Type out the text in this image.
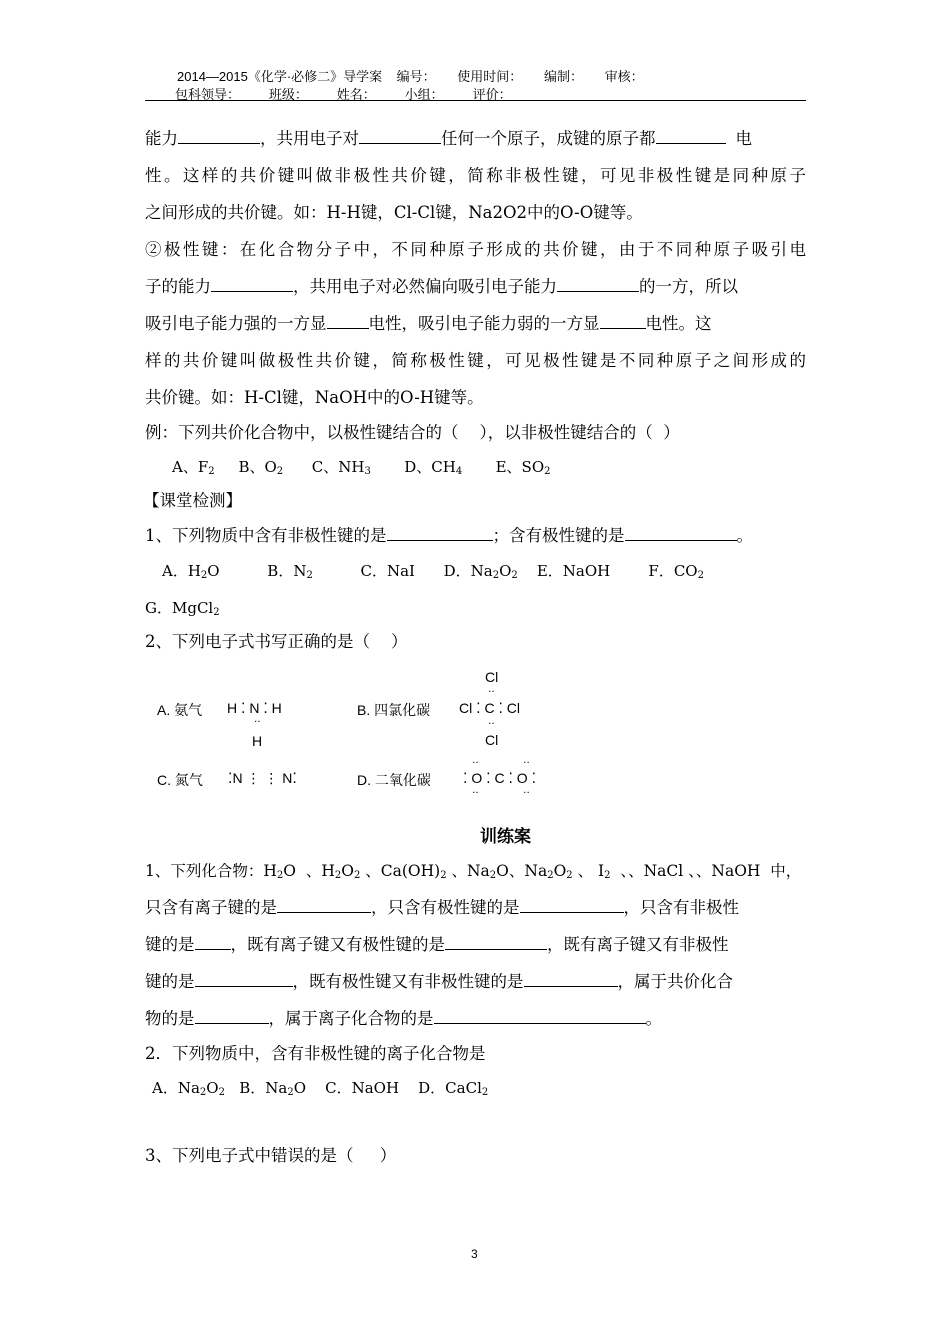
2014—2015《化学·必修二》导学案    编号：      使用时间：      编制：      审核：
包科领导：        班级：        姓名：        小组：        评价：
能力	，共用电子对	任何一个原子，成键的原子都	电
性。这样的共价键叫做非极性共价键，简称非极性键，可见非极性键是同种原子
之间形成的共价键。如：H-H键，Cl-Cl键，Na2O2中的O-O键等。
②极性键：在化合物分子中，不同种原子形成的共价键，由于不同种原子吸引电
子的能力	，共用电子对必然偏向吸引电子能力	的一方，所以
吸引电子能力强的一方显	电性，吸引电子能力弱的一方显	电性。这
样的共价键叫做极性共价键，简称极性键，可见极性键是不同种原子之间形成的
共价键。如：H-Cl键，NaOH中的O-H键等。
例：下列共价化合物中，以极性键结合的（    ），以非极性键结合的（  ）
A、$F_2$ B、$O_2$ C、$NH_3$ D、$CH_4$ E、$SO_2$
【课堂检测】
1、下列物质中含有非极性键的是	；含有极性键的是	。
A．$H_2O$	B．$N_2$	C．NaI D．$Na_2O_2$ E．NaOH	F．$CO_2$
G．MgCl$_2$
2、下列电子式书写正确的是（    ）
A. 氨气 H ⁚ N ⁚ H
‥
H
B. 四氯化碳
Cl
‥
Cl ⁚ C ⁚ Cl
‥
Cl
C. 氮气 ⁚N ⋮ ⋮ N⁚	D. 二氧化碳
‥                ‥
⁚ O ⁚ C ⁚ O ⁚
‥                ‥
训练案
1、下列化合物：$H_2O$  、$H_2O_2$ 、$Ca(OH)_2$ 、$Na_2O$、$Na_2O_2$ 、 $I_2$  、、NaCl 、、NaOH  中，
只含有离子键的是	，只含有极性键的是	，只含有非极性
键的是 ，既有离子键又有极性键的是	，既有离子键又有非极性
键的是	，既有极性键又有非极性键的是	，属于共价化合
物的是	，属于离子化合物的是	。
2．下列物质中，含有非极性键的离子化合物是
A．$Na_2O_2$ B．$Na_2O$ C．NaOH D．CaCl$_2$
3、下列电子式中错误的是（     ）
3
